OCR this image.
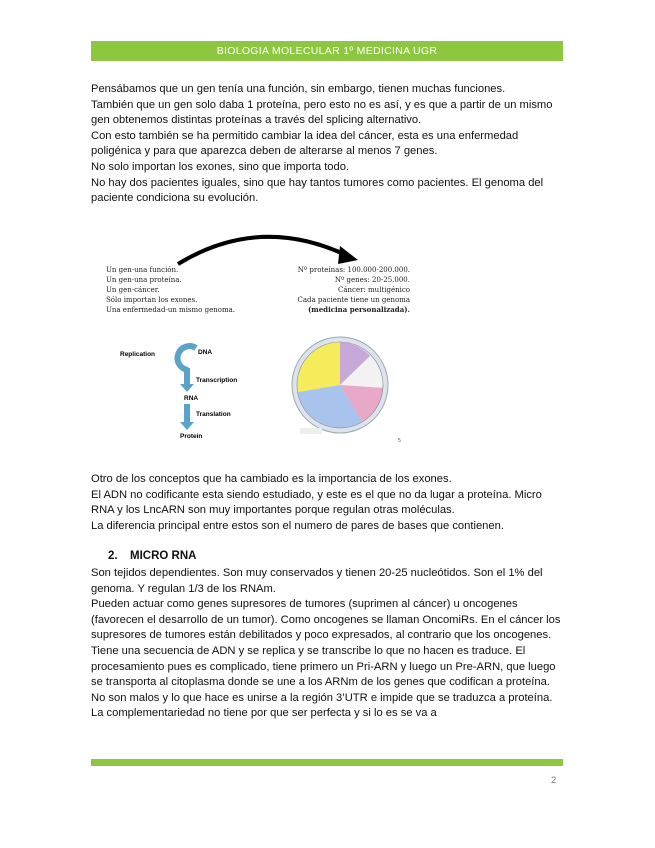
BIOLOGIA MOLECULAR 1º MEDICINA UGR

Pensábamos que un gen tenía una función, sin embargo, tienen muchas funciones.

También que un gen solo daba 1 proteína, pero esto no es así, y es que a partir de un mismo gen obtenemos distintas proteínas a través del splicing alternativo.

Con esto también se ha permitido cambiar la idea del cáncer, esta es una enfermedad poligénica y para que aparezca deben de alterarse al menos 7 genes.

No solo importan los exones, sino que importa todo.

No hay dos pacientes iguales, sino que hay tantos tumores como pacientes. El genoma del paciente condiciona su evolución.

Un gen-una función.
Un gen-una proteína.
Un gen-cáncer.
Sólo importan los exones.
Una enfermedad-un mismo genoma.
Nº proteínas: 100.000-200.000.
Nº genes: 20-25.000.
Cáncer: multigénico
Cada paciente tiene un genoma
(medicina personalizada).
Replication	DNA
Transcription
RNA
Translation
Protein
5

Otro de los conceptos que ha cambiado es la importancia de los exones.

El ADN no codificante esta siendo estudiado, y este es el que no da lugar a proteína. Micro RNA y los LncARN son muy importantes porque regulan otras moléculas.

La diferencia principal entre estos son el numero de pares de bases que contienen.

2. MICRO RNA

Son tejidos dependientes. Son muy conservados y tienen 20-25 nucleótidos. Son el 1% del genoma. Y regulan 1/3 de los RNAm.

Pueden actuar como genes supresores de tumores (suprimen al cáncer) u oncogenes (favorecen el desarrollo de un tumor). Como oncogenes se llaman OncomiRs. En el cáncer los supresores de tumores están debilitados y poco expresados, al contrario que los oncogenes.

Tiene una secuencia de ADN y se replica y se transcribe lo que no hacen es traduce. El procesamiento pues es complicado, tiene primero un Pri-ARN y luego un Pre-ARN, que luego se transporta al citoplasma donde se une a los ARNm de los genes que codifican a proteína. No son malos y lo que hace es unirse a la región 3’UTR e impide que se traduzca a proteína. La complementariedad no tiene por que ser perfecta y si lo es se va a

2
